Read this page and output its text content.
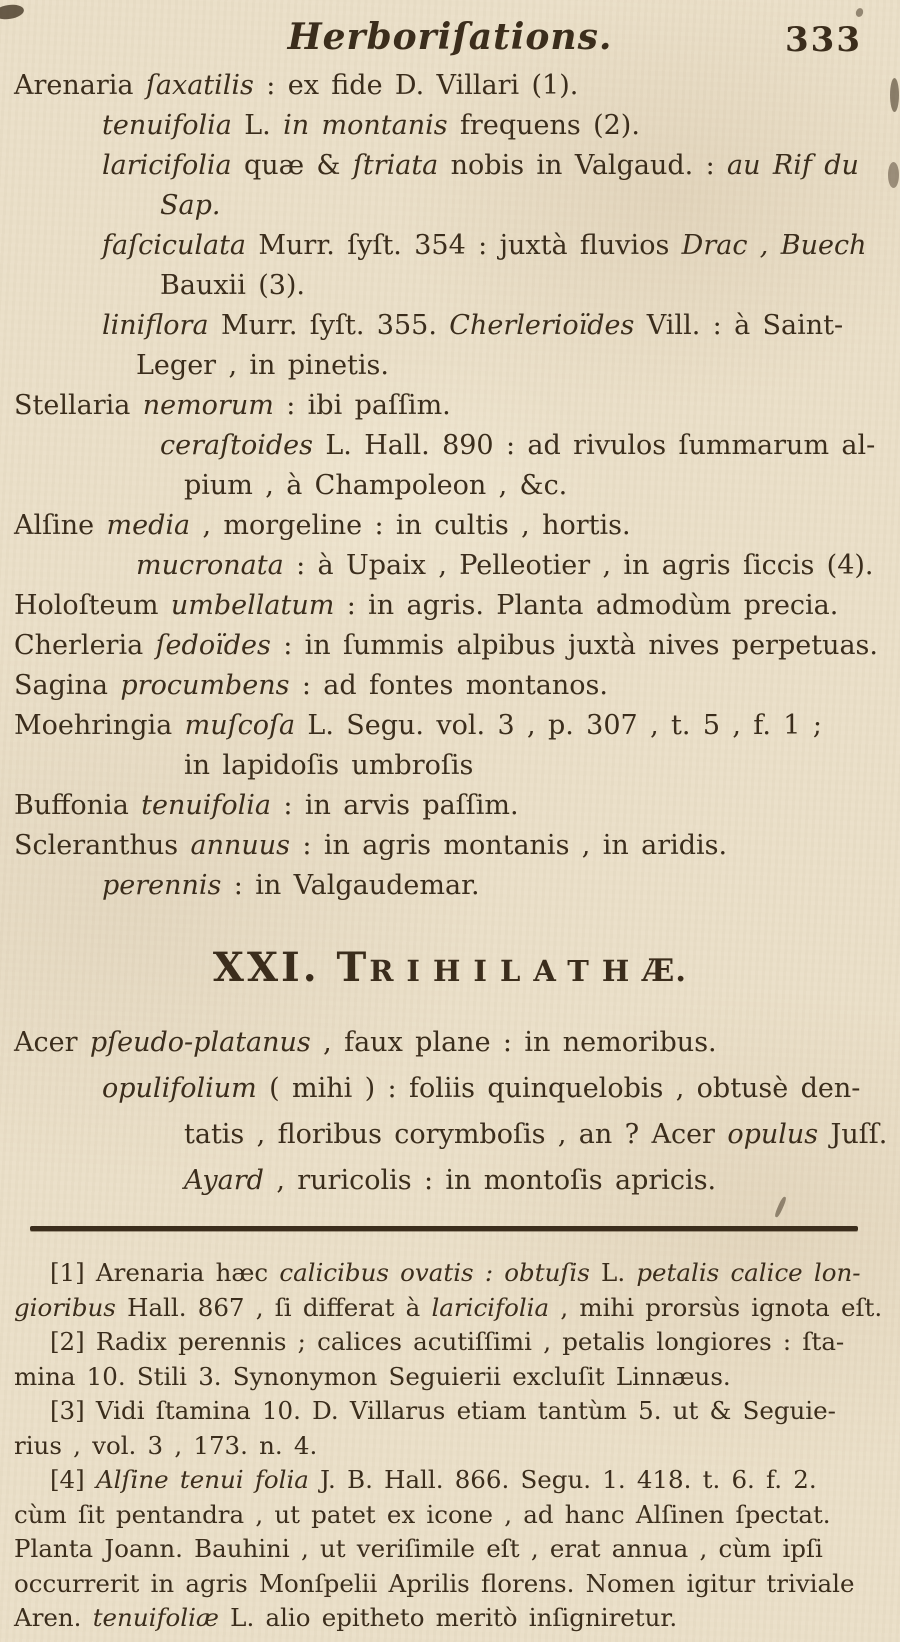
Herboriſations.	333
Arenaria ſaxatilis : ex fide D. Villari (1).
tenuifolia L. in montanis frequens (2).
laricifolia quæ & ſtriata nobis in Valgaud. : au Rif du
Sap.
faſciculata Murr. ſyſt. 354 : juxtà fluvios Drac , Buech
Bauxii (3).
liniflora Murr. ſyſt. 355. Cherlerioïdes Vill. : à Saint-
Leger , in pinetis.
Stellaria nemorum : ibi paſſim.
ceraſtoides L. Hall. 890 : ad rivulos ſummarum al-
pium , à Champoleon , &c.
Alſine media , morgeline : in cultis , hortis.
mucronata : à Upaix , Pelleotier , in agris ſiccis (4).
Holoſteum umbellatum : in agris. Planta admodùm precia.
Cherleria ſedoïdes : in ſummis alpibus juxtà nives perpetuas.
Sagina procumbens : ad fontes montanos.
Moehringia muſcoſa L. Segu. vol. 3 , p. 307 , t. 5 , f. 1 ;
in lapidoſis umbroſis
Buffonia tenuifolia : in arvis paſſim.
Scleranthus annuus : in agris montanis , in aridis.
perennis : in Valgaudemar.
XXI. TRIHILATHÆ.
Acer pſeudo-platanus , faux plane : in nemoribus.
opulifolium ( mihi ) : foliis quinquelobis , obtusè den-
tatis , floribus corymboſis , an ? Acer opulus Juſſ.
Ayard , ruricolis : in montoſis apricis.
[1] Arenaria hæc calicibus ovatis : obtuſis L. petalis calice lon-
gioribus Hall. 867 , ſi differat à laricifolia , mihi prorsùs ignota eſt.
[2] Radix perennis ; calices acutiſſimi , petalis longiores : ſta-
mina 10. Stili 3. Synonymon Seguierii excluſit Linnæus.
[3] Vidi ſtamina 10. D. Villarus etiam tantùm 5. ut & Seguie-
rius , vol. 3 , 173. n. 4.
[4] Alſine tenui folia J. B. Hall. 866. Segu. 1. 418. t. 6. f. 2.
cùm ſit pentandra , ut patet ex icone , ad hanc Alſinen ſpectat.
Planta Joann. Bauhini , ut veriſimile eſt , erat annua , cùm ipſi
occurrerit in agris Monſpelii Aprilis florens. Nomen igitur triviale
Aren. tenuifoliæ L. alio epitheto meritò inſigniretur.
